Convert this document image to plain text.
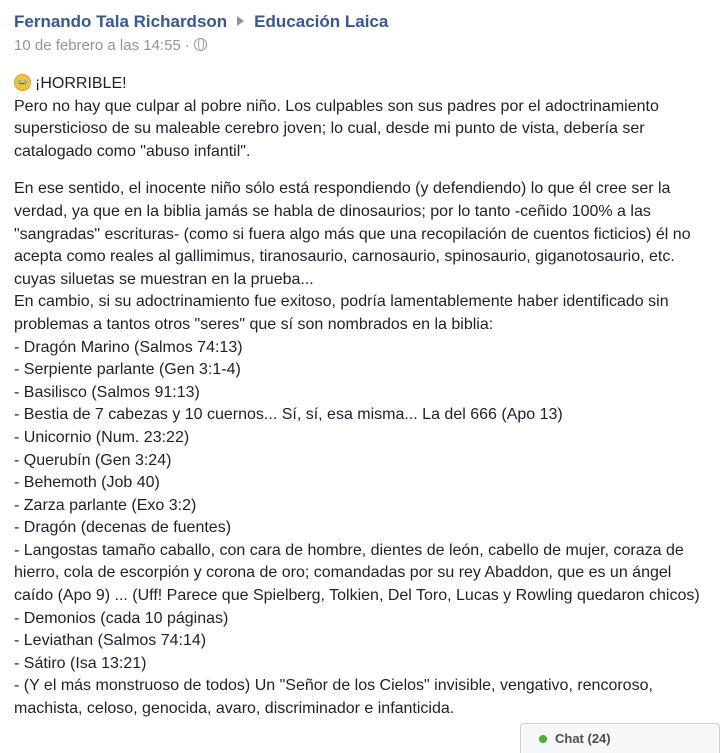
Fernando Tala Richardson Educación Laica
10 de febrero a las 14:55 ·

¡HORRIBLE!

Pero no hay que culpar al pobre niño. Los culpables son sus padres por el adoctrinamiento supersticioso de su maleable cerebro joven; lo cual, desde mi punto de vista, debería ser catalogado como "abuso infantil".

En ese sentido, el inocente niño sólo está respondiendo (y defendiendo) lo que él cree ser la verdad, ya que en la biblia jamás se habla de dinosaurios; por lo tanto -ceñido 100% a las "sangradas" escrituras- (como si fuera algo más que una recopilación de cuentos ficticios) él no acepta como reales al gallimimus, tiranosaurio, carnosaurio, spinosaurio, giganotosaurio, etc. cuyas siluetas se muestran en la prueba...

En cambio, si su adoctrinamiento fue exitoso, podría lamentablemente haber identificado sin problemas a tantos otros "seres" que sí son nombrados en la biblia:

- Dragón Marino (Salmos 74:13)

- Serpiente parlante (Gen 3:1-4)

- Basilisco (Salmos 91:13)

- Bestia de 7 cabezas y 10 cuernos... Sí, sí, esa misma... La del 666 (Apo 13)

- Unicornio (Num. 23:22)

- Querubín (Gen 3:24)

- Behemoth (Job 40)

- Zarza parlante (Exo 3:2)

- Dragón (decenas de fuentes)

- Langostas tamaño caballo, con cara de hombre, dientes de león, cabello de mujer, coraza de hierro, cola de escorpión y corona de oro; comandadas por su rey Abaddon, que es un ángel caído (Apo 9) ... (Uff! Parece que Spielberg, Tolkien, Del Toro, Lucas y Rowling quedaron chicos)

- Demonios (cada 10 páginas)

- Leviathan (Salmos 74:14)

- Sátiro (Isa 13:21)

- (Y el más monstruoso de todos) Un "Señor de los Cielos" invisible, vengativo, rencoroso, machista, celoso, genocida, avaro, discriminador e infanticida.

Chat (24)
